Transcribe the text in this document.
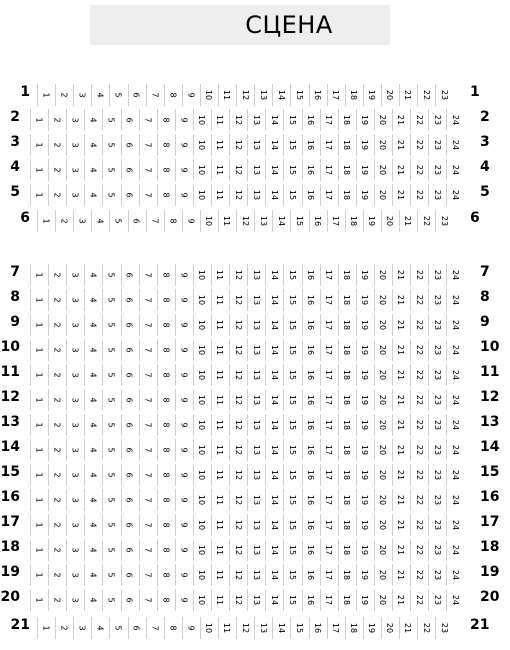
СЦЕНА
1 1 2 3 4 5 6 7 8 9 10 11 12 13 14 15 16 17 18 19 20 21 22 23 1
2 1 2 3 4 5 6 7 8 9 10 11 12 13 14 15 16 17 18 19 20 21 22 23 24 2
3 1 2 3 4 5 6 7 8 9 10 11 12 13 14 15 16 17 18 19 20 21 22 23 24 3
4 1 2 3 4 5 6 7 8 9 10 11 12 13 14 15 16 17 18 19 20 21 22 23 24 4
5 1 2 3 4 5 6 7 8 9 10 11 12 13 14 15 16 17 18 19 20 21 22 23 24 5
6 1 2 3 4 5 6 7 8 9 10 11 12 13 14 15 16 17 18 19 20 21 22 23 6
7 1 2 3 4 5 6 7 8 9 10 11 12 13 14 15 16 17 18 19 20 21 22 23 24 7
8 1 2 3 4 5 6 7 8 9 10 11 12 13 14 15 16 17 18 19 20 21 22 23 24 8
9 1 2 3 4 5 6 7 8 9 10 11 12 13 14 15 16 17 18 19 20 21 22 23 24 9
10 1 2 3 4 5 6 7 8 9 10 11 12 13 14 15 16 17 18 19 20 21 22 23 24 10
11 1 2 3 4 5 6 7 8 9 10 11 12 13 14 15 16 17 18 19 20 21 22 23 24 11
12 1 2 3 4 5 6 7 8 9 10 11 12 13 14 15 16 17 18 19 20 21 22 23 24 12
13 1 2 3 4 5 6 7 8 9 10 11 12 13 14 15 16 17 18 19 20 21 22 23 24 13
14 1 2 3 4 5 6 7 8 9 10 11 12 13 14 15 16 17 18 19 20 21 22 23 24 14
15 1 2 3 4 5 6 7 8 9 10 11 12 13 14 15 16 17 18 19 20 21 22 23 24 15
16 1 2 3 4 5 6 7 8 9 10 11 12 13 14 15 16 17 18 19 20 21 22 23 24 16
17 1 2 3 4 5 6 7 8 9 10 11 12 13 14 15 16 17 18 19 20 21 22 23 24 17
18 1 2 3 4 5 6 7 8 9 10 11 12 13 14 15 16 17 18 19 20 21 22 23 24 18
19 1 2 3 4 5 6 7 8 9 10 11 12 13 14 15 16 17 18 19 20 21 22 23 24 19
20 1 2 3 4 5 6 7 8 9 10 11 12 13 14 15 16 17 18 19 20 21 22 23 24 20
21 1 2 3 4 5 6 7 8 9 10 11 12 13 14 15 16 17 18 19 20 21 22 23 21
